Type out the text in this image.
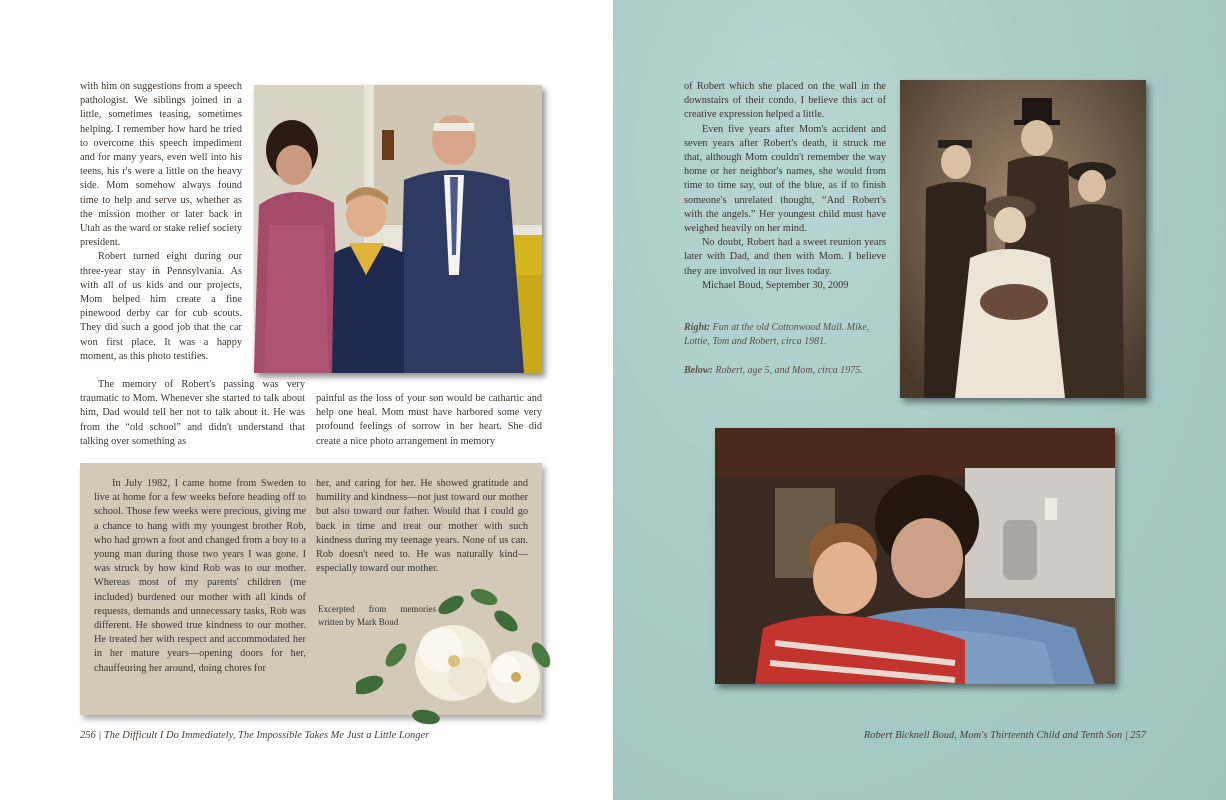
with him on suggestions from a speech pathologist. We siblings joined in a little, sometimes teasing, sometimes helping. I remember how hard he tried to overcome this speech impediment and for many years, even well into his teens, his r's were a little on the heavy side. Mom somehow always found time to help and serve us, whether as the mission mother or later back in Utah as the ward or stake relief society president.

Robert turned eight during our three-year stay in Pennsylvania. As with all of us kids and our projects, Mom helped him create a fine pinewood derby car for cub scouts. They did such a good job that the car won first place. It was a happy moment, as this photo testifies.

The memory of Robert's passing was very traumatic to Mom. Whenever she started to talk about him, Dad would tell her not to talk about it. He was from the “old school” and didn't understand that talking over something as

painful as the loss of your son would be cathartic and help one heal. Mom must have harbored some very profound feelings of sorrow in her heart. She did create a nice photo arrangement in memory

In July 1982, I came home from Sweden to live at home for a few weeks before heading off to school. Those few weeks were precious, giving me a chance to hang with my youngest brother Rob, who had grown a foot and changed from a boy to a young man during those two years I was gone. I was struck by how kind Rob was to our mother. Whereas most of my parents' children (me included) burdened our mother with all kinds of requests, demands and unnecessary tasks, Rob was different. He showed true kindness to our mother. He treated her with respect and accommodated her in her mature years—opening doors for her, chauffeuring her around, doing chores for

her, and caring for her. He showed gratitude and humility and kindness—not just toward our mother but also toward our father. Would that I could go back in time and treat our mother with such kindness during my teenage years. None of us can. Rob doesn't need to. He was naturally kind—especially toward our mother.

Excerpted from memories written by Mark Boud

256 | The Difficult I Do Immediately, The Impossible Takes Me Just a Little Longer

of Robert which she placed on the wall in the downstairs of their condo. I believe this act of creative expression helped a little.

Even five years after Mom's accident and seven years after Robert's death, it struck me that, although Mom couldn't remember the way home or her neighbor's names, she would from time to time say, out of the blue, as if to finish someone's unrelated thought, “And Robert's with the angels.” Her youngest child must have weighed heavily on her mind.

No doubt, Robert had a sweet reunion years later with Dad, and then with Mom. I believe they are involved in our lives today.

Michael Boud, September 30, 2009

Right: Fun at the old Cottonwood Mall. Mike, Lottie, Tom and Robert, circa 1981.
Below: Robert, age 5, and Mom, circa 1975.
Robert Bicknell Boud, Mom's Thirteenth Child and Tenth Son | 257
